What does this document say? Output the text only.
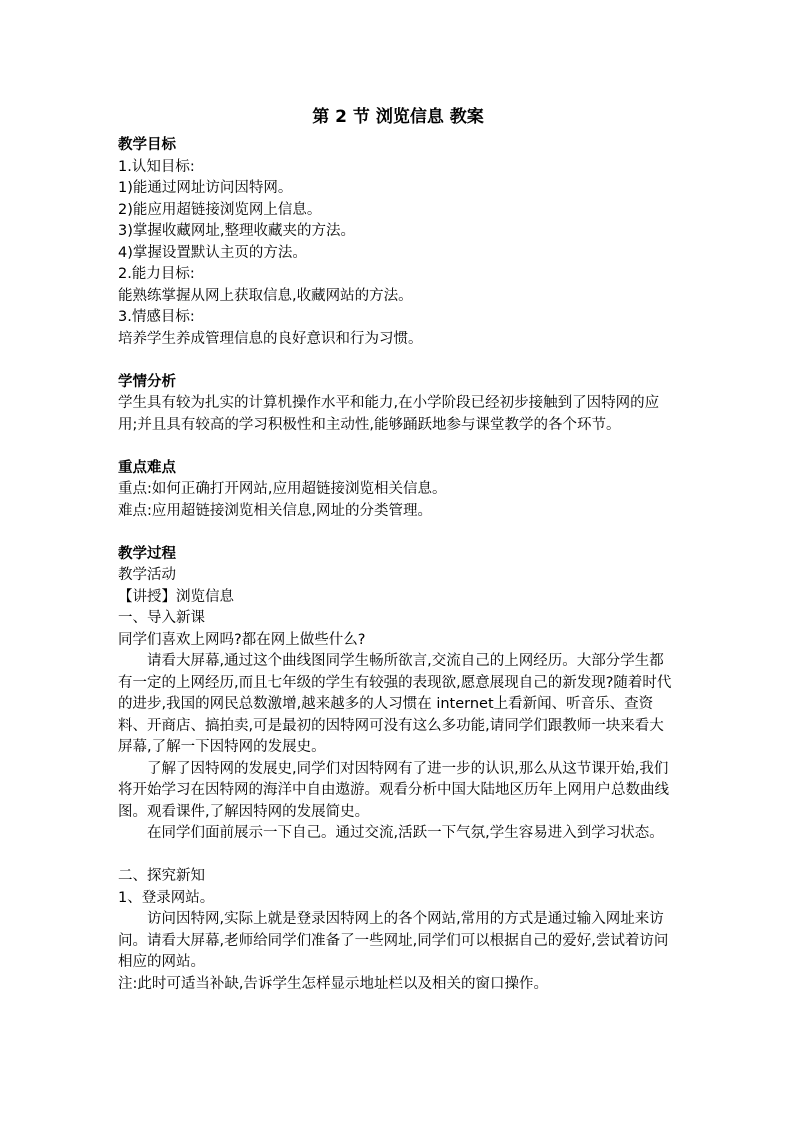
第 2 节 浏览信息 教案
教学目标
1.认知目标:
1)能通过网址访问因特网。
2)能应用超链接浏览网上信息。
3)掌握收藏网址,整理收藏夹的方法。
4)掌握设置默认主页的方法。
2.能力目标:
能熟练掌握从网上获取信息,收藏网站的方法。
3.情感目标:
培养学生养成管理信息的良好意识和行为习惯。
学情分析
学生具有较为扎实的计算机操作水平和能力,在小学阶段已经初步接触到了因特网的应用;并且具有较高的学习积极性和主动性,能够踊跃地参与课堂教学的各个环节。
重点难点
重点:如何正确打开网站,应用超链接浏览相关信息。
难点:应用超链接浏览相关信息,网址的分类管理。
教学过程
教学活动
【讲授】浏览信息
一、导入新课
同学们喜欢上网吗?都在网上做些什么?
请看大屏幕,通过这个曲线图同学生畅所欲言,交流自己的上网经历。大部分学生都有一定的上网经历,而且七年级的学生有较强的表现欲,愿意展现自己的新发现?随着时代的进步,我国的网民总数激增,越来越多的人习惯在 internet上看新闻、听音乐、查资料、开商店、搞拍卖,可是最初的因特网可没有这么多功能,请同学们跟教师一块来看大屏幕,了解一下因特网的发展史。
了解了因特网的发展史,同学们对因特网有了进一步的认识,那么从这节课开始,我们将开始学习在因特网的海洋中自由遨游。观看分析中国大陆地区历年上网用户总数曲线图。观看课件,了解因特网的发展简史。
在同学们面前展示一下自己。通过交流,活跃一下气氛,学生容易进入到学习状态。
二、探究新知
1、登录网站。
访问因特网,实际上就是登录因特网上的各个网站,常用的方式是通过输入网址来访问。请看大屏幕,老师给同学们准备了一些网址,同学们可以根据自己的爱好,尝试着访问相应的网站。
注:此时可适当补缺,告诉学生怎样显示地址栏以及相关的窗口操作。
